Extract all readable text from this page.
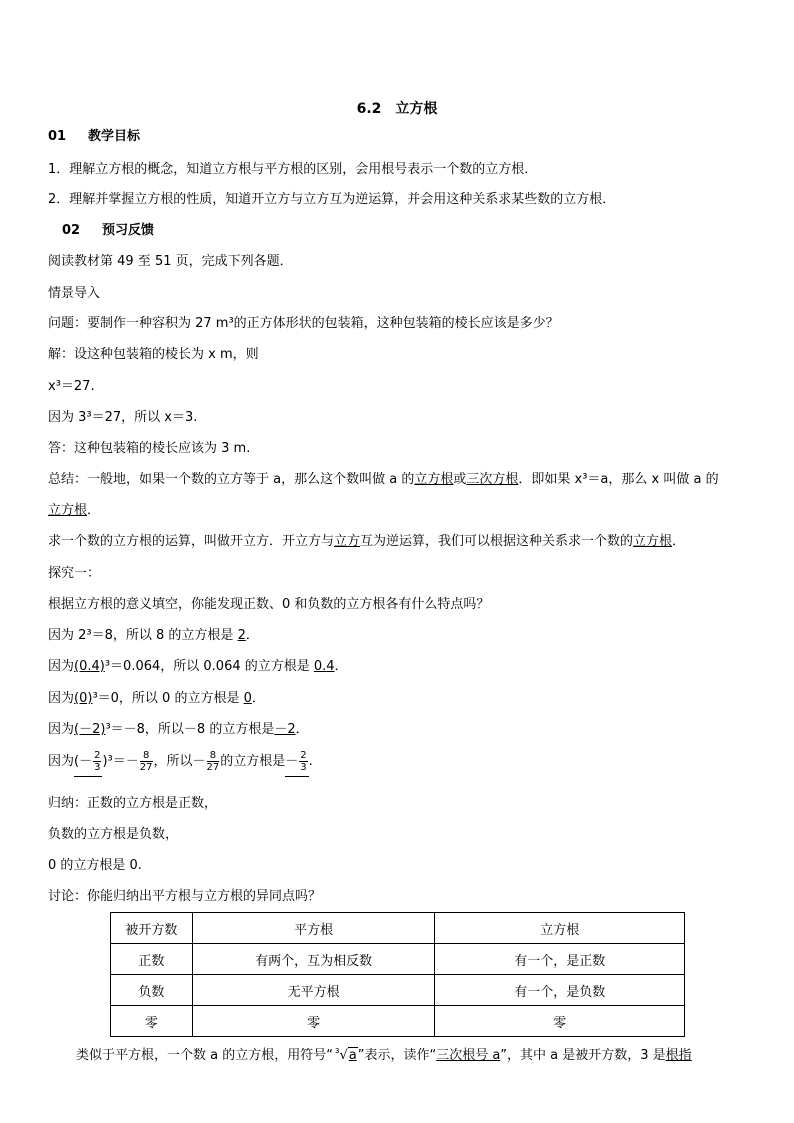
6.2　立方根
01 教学目标
1．理解立方根的概念，知道立方根与平方根的区别，会用根号表示一个数的立方根．
2．理解并掌握立方根的性质，知道开立方与立方互为逆运算，并会用这种关系求某些数的立方根．
02 预习反馈
阅读教材第 49 至 51 页，完成下列各题．
情景导入
问题：要制作一种容积为 27 m³的正方体形状的包装箱，这种包装箱的棱长应该是多少？
解：设这种包装箱的棱长为 x m，则
x³＝27.
因为 3³＝27，所以 x＝3.
答：这种包装箱的棱长应该为 3 m.
总结：一般地，如果一个数的立方等于 a，那么这个数叫做 a 的立方根或三次方根．即如果 x³＝a，那么 x 叫做 a 的
立方根．
求一个数的立方根的运算，叫做开立方．开立方与立方互为逆运算，我们可以根据这种关系求一个数的立方根．
探究一：
根据立方根的意义填空，你能发现正数、0 和负数的立方根各有什么特点吗？
因为 2³＝8，所以 8 的立方根是 2．
因为(0.4)³＝0.064，所以 0.064 的立方根是 0.4．
因为(0)³＝0，所以 0 的立方根是 0．
因为(－2)³＝－8，所以－8 的立方根是－2．
因为(－ $\frac{2}{3} )^3=- \frac{8}{27}$ ，所以－ $\frac{8}{27}$ 的立方根是－ $\frac{2}{3}$ .
归纳：正数的立方根是正数，
负数的立方根是负数，
0 的立方根是 0.
讨论：你能归纳出平方根与立方根的异同点吗？
被开方数	平方根	立方根
正数	有两个，互为相反数	有一个，是正数
负数	无平方根	有一个，是负数
零	零	零
类似于平方根，一个数 a 的立方根，用符号“ $^3$√a”表示，读作“三次根号 a”，其中 a 是被开方数，3 是根指
